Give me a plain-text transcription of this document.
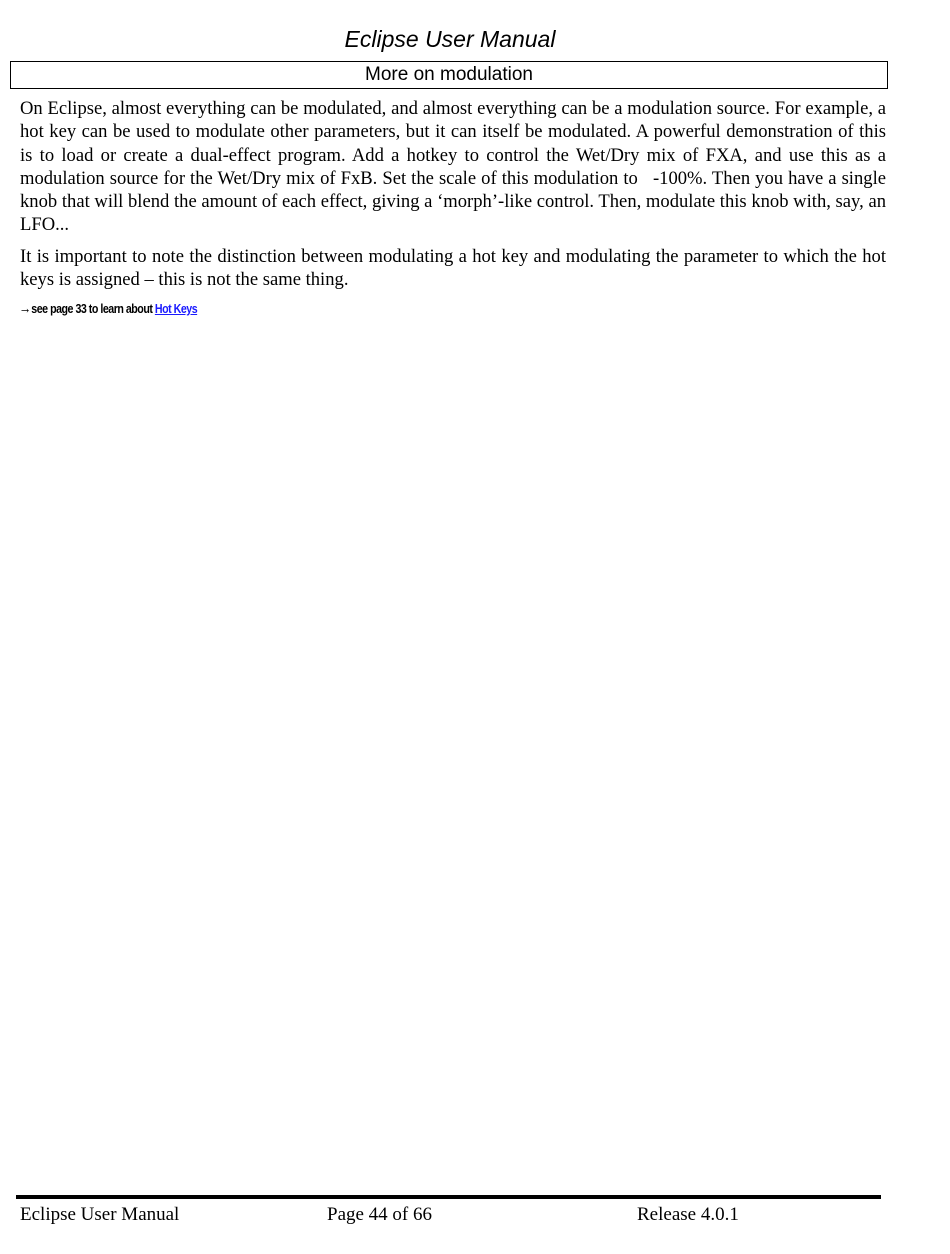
Eclipse User Manual
More on modulation

On Eclipse, almost everything can be modulated, and almost everything can be a modulation source. For example, a hot key can be used to modulate other parameters, but it can itself be modulated. A powerful demonstration of this is to load or create a dual-effect program. Add a hotkey to control the Wet/Dry mix of FXA, and use this as a modulation source for the Wet/Dry mix of FxB. Set the scale of this modulation to   -100%. Then you have a single knob that will blend the amount of each effect, giving a ‘morph’-like control. Then, modulate this knob with, say, an LFO...

It is important to note the distinction between modulating a hot key and modulating the parameter to which the hot keys is assigned – this is not the same thing.

→see page 33 to learn about Hot Keys
Eclipse User Manual	Page 44 of 66	Release 4.0.1
